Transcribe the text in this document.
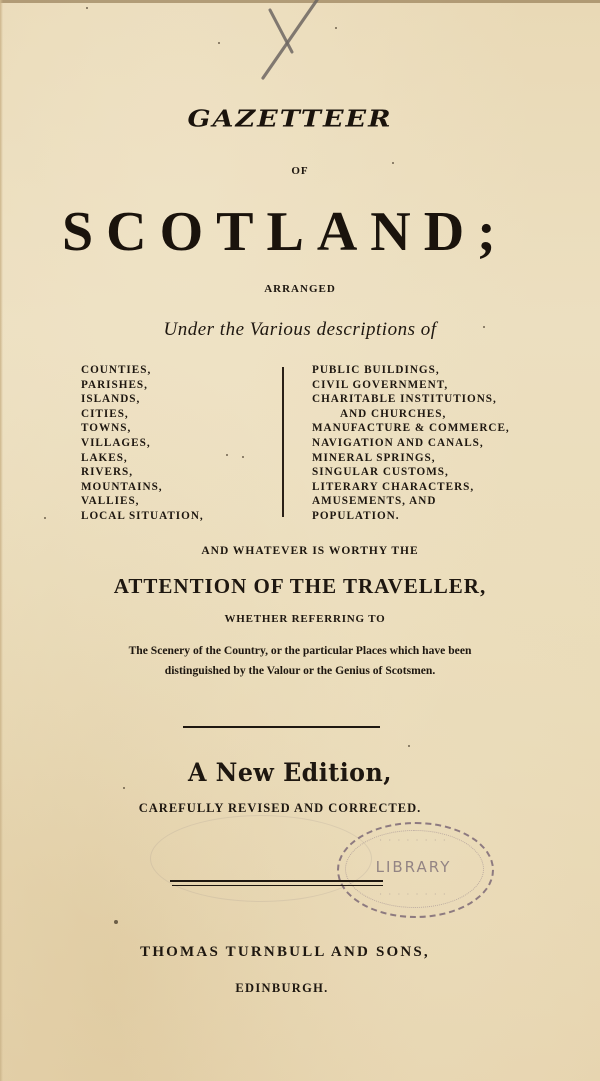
GAZETTEER
OF
SCOTLAND;
ARRANGED
Under the Various descriptions of
COUNTIES,
PARISHES,
ISLANDS,
CITIES,
TOWNS,
VILLAGES,
LAKES,
RIVERS,
MOUNTAINS,
VALLIES,
LOCAL SITUATION,
PUBLIC BUILDINGS,
CIVIL GOVERNMENT,
CHARITABLE INSTITUTIONS,
AND CHURCHES,
MANUFACTURE & COMMERCE,
NAVIGATION AND CANALS,
MINERAL SPRINGS,
SINGULAR CUSTOMS,
LITERARY CHARACTERS,
AMUSEMENTS, AND
POPULATION.
AND WHATEVER IS WORTHY THE
ATTENTION OF THE TRAVELLER,
WHETHER REFERRING TO
The Scenery of the Country, or the particular Places which have been
distinguished by the Valour or the Genius of Scotsmen.
A New Edition,
CAREFULLY REVISED AND CORRECTED.
· · · · · · · ·
LIBRARY
· · · · · · · ·
THOMAS TURNBULL AND SONS,
EDINBURGH.
